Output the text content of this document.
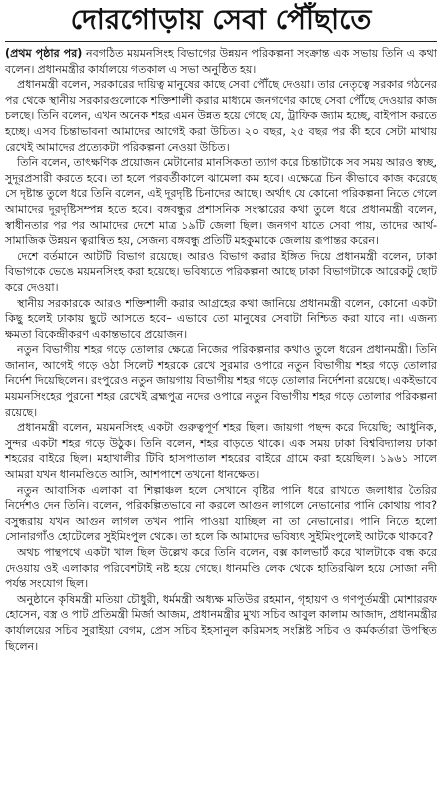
দোরগোড়ায় সেবা পৌঁছাতে

(প্রথম পৃষ্ঠার পর) নবগঠিত ময়মনসিংহ বিভাগের উন্নয়ন পরিকল্পনা সংক্রান্ত এক সভায় তিনি এ কথা বলেন। প্রধানমন্ত্রীর কার্যালয়ে গতকাল এ সভা অনুষ্ঠিত হয়।

প্রধানমন্ত্রী বলেন, সরকারের দায়িত্ব মানুষের কাছে সেবা পৌঁছে দেওয়া। তার নেতৃত্বে সরকার গঠনের পর থেকে স্থানীয় সরকারগুলোকে শক্তিশালী করার মাধ্যমে জনগণের কাছে সেবা পৌঁছে দেওয়ার কাজ চলছে। তিনি বলেন, এখন অনেক শহর এমন উন্নত হয়ে গেছে যে, ট্রাফিক জ্যাম হচ্ছে, বাইপাস করতে হচ্ছে। এসব চিন্তাভাবনা আমাদের আগেই করা উচিত। ২০ বছর, ২৫ বছর পর কী হবে সেটা মাথায় রেখেই আমাদের প্রত্যেকটা পরিকল্পনা নেওয়া উচিত।

তিনি বলেন, তাৎক্ষণিক প্রয়োজন মেটানোর মানসিকতা ত্যাগ করে চিন্তাটাকে সব সময় আরও স্বচ্ছ, সুদূরপ্রসারী করতে হবে। তা হলে পরবর্তীকালে ঝামেলা কম হবে। এক্ষেত্রে চিন কীভাবে কাজ করেছে সে দৃষ্টান্ত তুলে ধরে তিনি বলেন, এই দূরদৃষ্টি চিনাদের আছে। অর্থাৎ যে কোনো পরিকল্পনা নিতে গেলে আমাদের দূরদৃষ্টিসম্পন্ন হতে হবে। বঙ্গবন্ধুর প্রশাসনিক সংস্কারের কথা তুলে ধরে প্রধানমন্ত্রী বলেন, স্বাধীনতার পর পর আমাদের দেশে মাত্র ১৯টি জেলা ছিল। জনগণ যাতে সেবা পায়, তাদের আর্থ-সামাজিক উন্নয়ন ত্বরান্বিত হয়, সেজন্য বঙ্গবন্ধু প্রতিটি মহকুমাকে জেলায় রূপান্তর করেন।

দেশে বর্তমানে আটটি বিভাগ রয়েছে। আরও বিভাগ করার ইঙ্গিত দিয়ে প্রধানমন্ত্রী বলেন, ঢাকা বিভাগকে ভেঙে ময়মনসিংহ করা হয়েছে। ভবিষ্যতে পরিকল্পনা আছে ঢাকা বিভাগটাকে আরেকটু ছোট করে দেওয়া।

স্থানীয় সরকারকে আরও শক্তিশালী করার আগ্রহের কথা জানিয়ে প্রধানমন্ত্রী বলেন, কোনো একটা কিছু হলেই ঢাকায় ছুটে আসতে হবে– এভাবে তো মানুষের সেবাটা নিশ্চিত করা যাবে না। এজন্য ক্ষমতা বিকেন্দ্রীকরণ একান্তভাবে প্রয়োজন।

নতুন বিভাগীয় শহর গড়ে তোলার ক্ষেত্রে নিজের পরিকল্পনার কথাও তুলে ধরেন প্রধানমন্ত্রী। তিনি জানান, আগেই গড়ে ওঠা সিলেট শহরকে রেখে সুরমার ওপারে নতুন বিভাগীয় শহর গড়ে তোলার নির্দেশ দিয়েছিলেন। রংপুরেও নতুন জায়গায় বিভাগীয় শহর গড়ে তোলার নির্দেশনা রয়েছে। একইভাবে ময়মনসিংহের পুরনো শহর রেখেই ব্রহ্মপুত্র নদের ওপারে নতুন বিভাগীয় শহর গড়ে তোলার পরিকল্পনা রয়েছে।

প্রধানমন্ত্রী বলেন, ময়মনসিংহ একটা গুরুত্বপূর্ণ শহর ছিল। জায়গা পছন্দ করে দিয়েছি; আধুনিক, সুন্দর একটা শহর গড়ে উঠুক। তিনি বলেন, শহর বাড়তে থাকে। এক সময় ঢাকা বিশ্ববিদ্যালয় ঢাকা শহরের বাইরে ছিল। মহাখালীর টিবি হাসপাতাল শহরের বাইরে গ্রামে করা হয়েছিল। ১৯৬১ সালে আমরা যখন ধানমণ্ডিতে আসি, আশপাশে তখনো ধানক্ষেত।

নতুন আবাসিক এলাকা বা শিল্পাঞ্চল হলে সেখানে বৃষ্টির পানি ধরে রাখতে জলাধার তৈরির নির্দেশও দেন তিনি। বলেন, পরিকল্পিতভাবে না করলে আগুন লাগলে নেভানোর পানি কোথায় পাব? বসুন্ধরায় যখন আগুন লাগল তখন পানি পাওয়া যাচ্ছিল না তা নেভানোর। পানি নিতে হলো সোনারগাঁও হোটেলের সুইমিংপুল থেকে। তা হলে কি আমাদের ভবিষ্যৎ সুইমিংপুলেই আটকে থাকবে?

অথচ পান্থপথে একটা খাল ছিল উল্লেখ করে তিনি বলেন, বক্স কালভার্ট করে খালটাকে বন্ধ করে দেওয়ায় ওই এলাকার পরিবেশটাই নষ্ট হয়ে গেছে। ধানমণ্ডি লেক থেকে হাতিরঝিল হয়ে সোজা নদী পর্যন্ত সংযোগ ছিল।

অনুষ্ঠানে কৃষিমন্ত্রী মতিয়া চৌধুরী, ধর্মমন্ত্রী অধ্যক্ষ মতিউর রহমান, গৃহায়ণ ও গণপূর্তমন্ত্রী মোশাররফ হোসেন, বস্ত্র ও পাট প্রতিমন্ত্রী মির্জা আজম, প্রধানমন্ত্রীর মুখ্য সচিব আবুল কালাম আজাদ, প্রধানমন্ত্রীর কার্যালয়ের সচিব সুরাইয়া বেগম, প্রেস সচিব ইহসানুল করিমসহ সংশ্লিষ্ট সচিব ও কর্মকর্তারা উপস্থিত ছিলেন।
